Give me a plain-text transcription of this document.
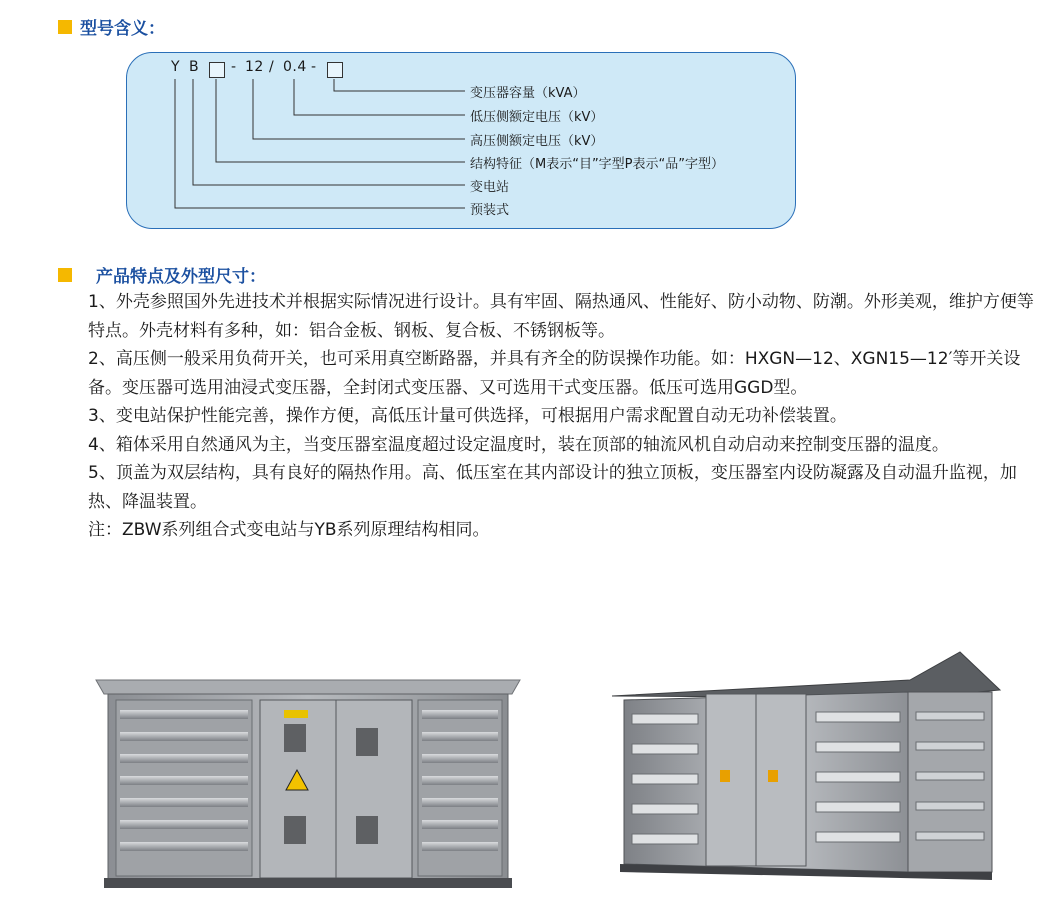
型号含义：
Y B - 12 / 0.4 -
变压器容量（kVA）
低压侧额定电压（kV）
高压侧额定电压（kV）
结构特征（M表示“目”字型P表示“品”字型）
变电站
预装式
产品特点及外型尺寸：

1、外壳参照国外先进技术并根据实际情况进行设计。具有牢固、隔热通风、性能好、防小动物、防潮。外形美观，维护方便等特点。外壳材料有多种，如：铝合金板、钢板、复合板、不锈钢板等。

2、高压侧一般采用负荷开关，也可采用真空断路器，并具有齐全的防误操作功能。如：HXGN—12、XGN15—12′等开关设备。变压器可选用油浸式变压器，全封闭式变压器、又可选用干式变压器。低压可选用GGD型。

3、变电站保护性能完善，操作方便，高低压计量可供选择，可根据用户需求配置自动无功补偿装置。

4、箱体采用自然通风为主，当变压器室温度超过设定温度时，装在顶部的轴流风机自动启动来控制变压器的温度。

5、顶盖为双层结构，具有良好的隔热作用。高、低压室在其内部设计的独立顶板，变压器室内设防凝露及自动温升监视，加热、降温装置。

注：ZBW系列组合式变电站与YB系列原理结构相同。
